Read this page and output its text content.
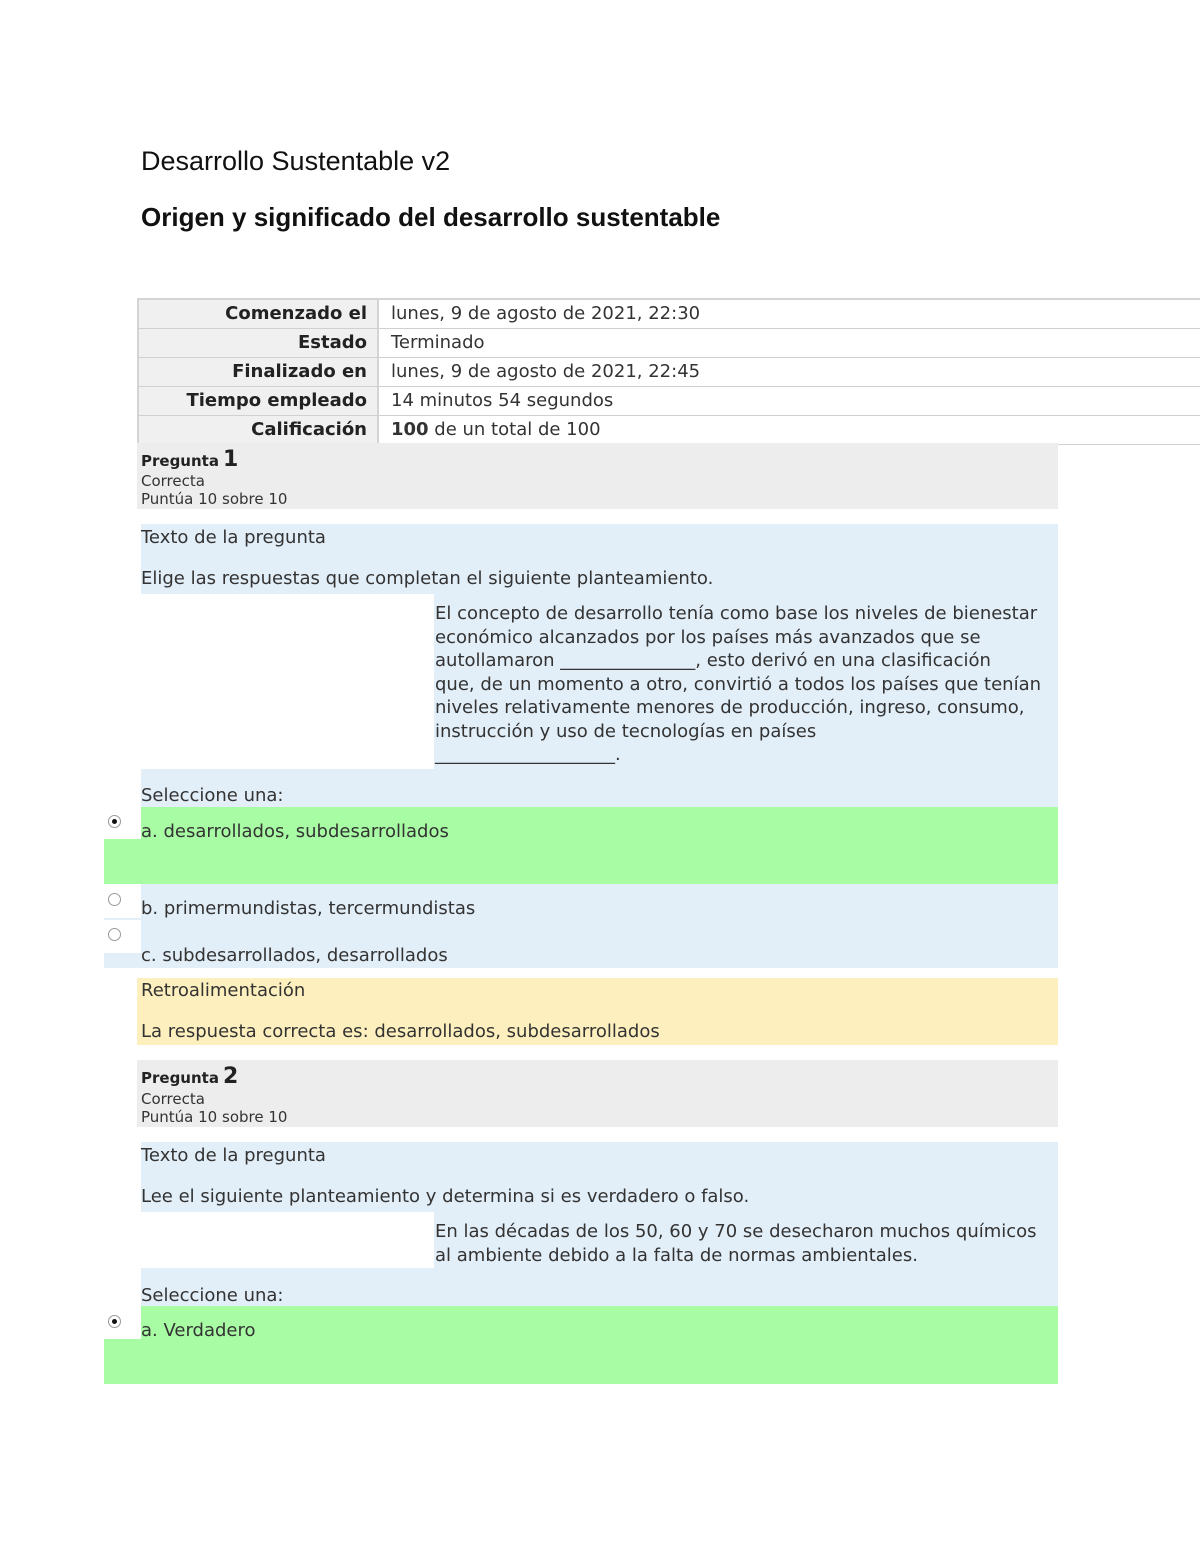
Desarrollo Sustentable v2
Origen y significado del desarrollo sustentable
Comenzado el	lunes, 9 de agosto de 2021, 22:30
Estado	Terminado
Finalizado en	lunes, 9 de agosto de 2021, 22:45
Tiempo empleado	14 minutos 54 segundos
Calificación	100 de un total de 100
Pregunta 1
Correcta
Puntúa 10 sobre 10
Texto de la pregunta
Elige las respuestas que completan el siguiente planteamiento.
El concepto de desarrollo tenía como base los niveles de bienestar
económico alcanzados por los países más avanzados que se
autollamaron _______________, esto derivó en una clasificación
que, de un momento a otro, convirtió a todos los países que tenían
niveles relativamente menores de producción, ingreso, consumo,
instrucción y uso de tecnologías en países
____________________.
Seleccione una:
a. desarrollados, subdesarrollados
b. primermundistas, tercermundistas
c. subdesarrollados, desarrollados
Retroalimentación
La respuesta correcta es: desarrollados, subdesarrollados
Pregunta 2
Correcta
Puntúa 10 sobre 10
Texto de la pregunta
Lee el siguiente planteamiento y determina si es verdadero o falso.
En las décadas de los 50, 60 y 70 se desecharon muchos químicos
al ambiente debido a la falta de normas ambientales.
Seleccione una:
a. Verdadero
